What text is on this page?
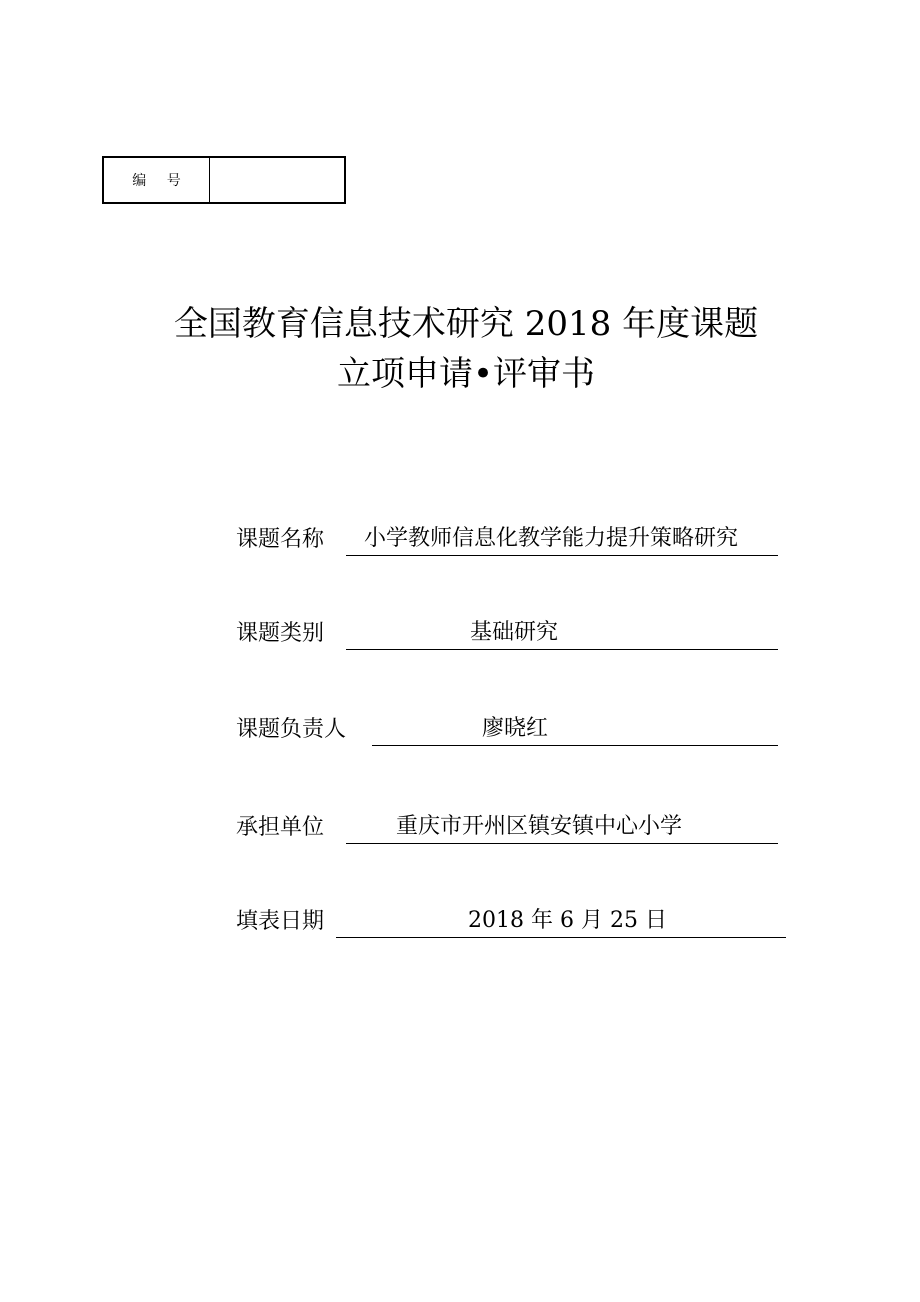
编 号
全国教育信息技术研究 2018 年度课题
立项申请•评审书
课题名称	小学教师信息化教学能力提升策略研究
课题类别	基础研究
课题负责人	廖晓红
承担单位	重庆市开州区镇安镇中心小学
填表日期	2018 年 6 月 25 日
